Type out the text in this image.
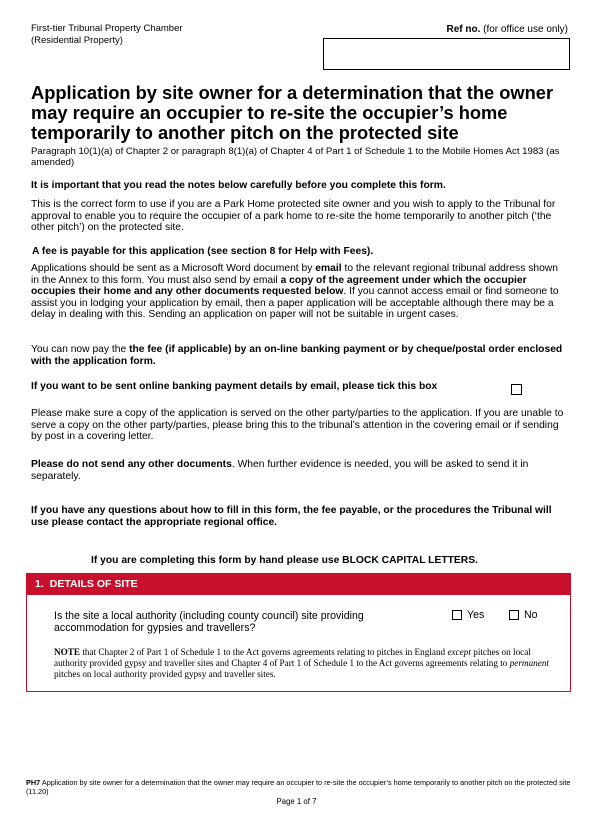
First-tier Tribunal Property Chamber
(Residential Property)
Ref no. (for office use only)
Application by site owner for a determination that the owner may require an occupier to re-site the occupier’s home temporarily to another pitch on the protected site
Paragraph 10(1)(a) of Chapter 2 or paragraph 8(1)(a) of Chapter 4 of Part 1 of Schedule 1 to the Mobile Homes Act 1983 (as amended)
It is important that you read the notes below carefully before you complete this form.
This is the correct form to use if you are a Park Home protected site owner and you wish to apply to the Tribunal for approval to enable you to require the occupier of a park home to re-site the home temporarily to another pitch (‘the other pitch’) on the protected site.
A fee is payable for this application (see section 8 for Help with Fees).
Applications should be sent as a Microsoft Word document by email to the relevant regional tribunal address shown in the Annex to this form. You must also send by email a copy of the agreement under which the occupier occupies their home and any other documents requested below. If you cannot access email or find someone to assist you in lodging your application by email, then a paper application will be acceptable although there may be a delay in dealing with this. Sending an application on paper will not be suitable in urgent cases.
You can now pay the the fee (if applicable) by an on-line banking payment or by cheque/postal order enclosed with the application form.
If you want to be sent online banking payment details by email, please tick this box
Please make sure a copy of the application is served on the other party/parties to the application. If you are unable to serve a copy on the other party/parties, please bring this to the tribunal’s attention in the covering email or if sending by post in a covering letter.
Please do not send any other documents. When further evidence is needed, you will be asked to send it in separately.
If you have any questions about how to fill in this form, the fee payable, or the procedures the Tribunal will use please contact the appropriate regional office.
If you are completing this form by hand please use BLOCK CAPITAL LETTERS.
1. DETAILS OF SITE
Is the site a local authority (including county council) site providing accommodation for gypsies and travellers?
Yes	No
NOTE that Chapter 2 of Part 1 of Schedule 1 to the Act governs agreements relating to pitches in England except pitches on local authority provided gypsy and traveller sites and Chapter 4 of Part 1 of Schedule 1 to the Act governs agreements relating to permanent pitches on local authority provided gypsy and traveller sites.
PH7 Application by site owner for a determination that the owner may require an occupier to re-site the occupier’s home temporarily to another pitch on the protected site (11.20)
Page 1 of 7
